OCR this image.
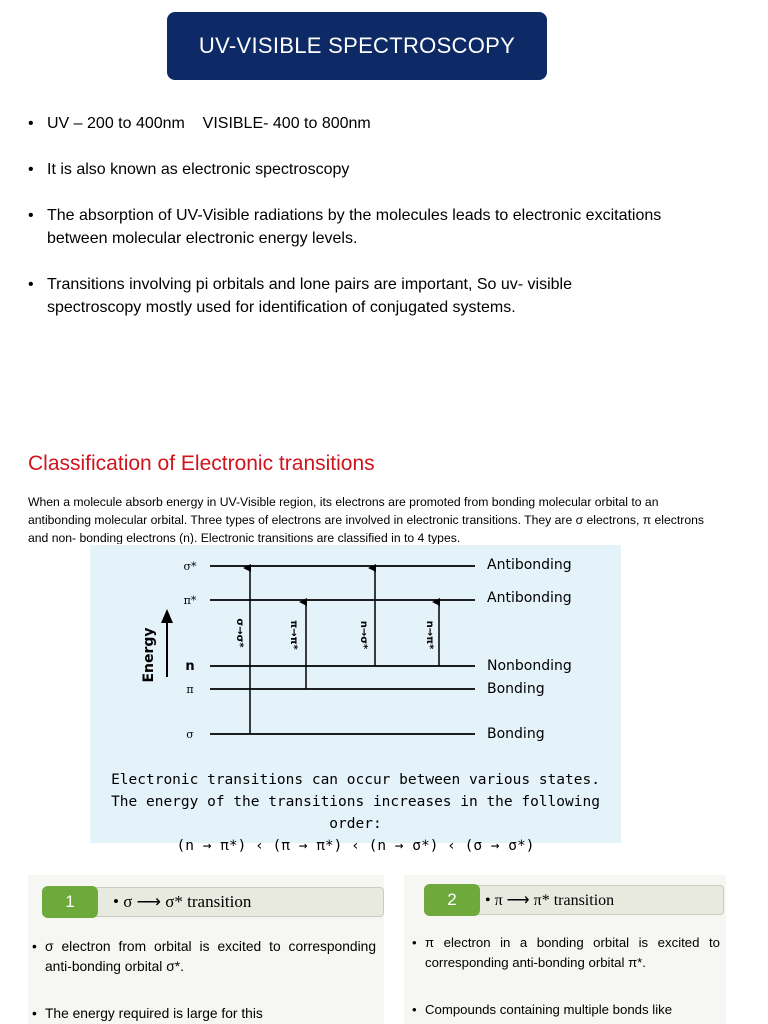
UV-VISIBLE SPECTROSCOPY
• UV – 200 to 400nm    VISIBLE- 400 to 800nm
• It is also known as electronic spectroscopy
• The absorption of UV-Visible radiations by the molecules leads to electronic excitations between molecular electronic energy levels.
• Transitions involving pi orbitals and lone pairs are important, So uv- visible spectroscopy mostly used for identification of conjugated systems.
Classification of Electronic transitions
When a molecule absorb energy in UV-Visible region, its electrons are promoted from bonding molecular orbital to an antibonding molecular orbital. Three types of electrons are involved in electronic transitions. They are σ electrons, π electrons and non- bonding electrons (n). Electronic transitions are classified in to 4 types.
Energy
σ*
π*
n
π
σ
Antibonding
Antibonding
Nonbonding
Bonding
Bonding
σ→σ*	π→π*	n→σ*	n→π*
Electronic transitions can occur between various states.
The energy of the transitions increases in the following order:
(n → π*) ‹ (π → π*) ‹ (n → σ*) ‹ (σ → σ*)
1	• σ ⟶ σ* transition

• σ electron from orbital is excited to corresponding anti-bonding orbital σ*.

• The energy required is large for this

2	• π ⟶ π* transition

• π electron in a bonding orbital is excited to corresponding anti-bonding orbital π*.

• Compounds containing multiple bonds like
